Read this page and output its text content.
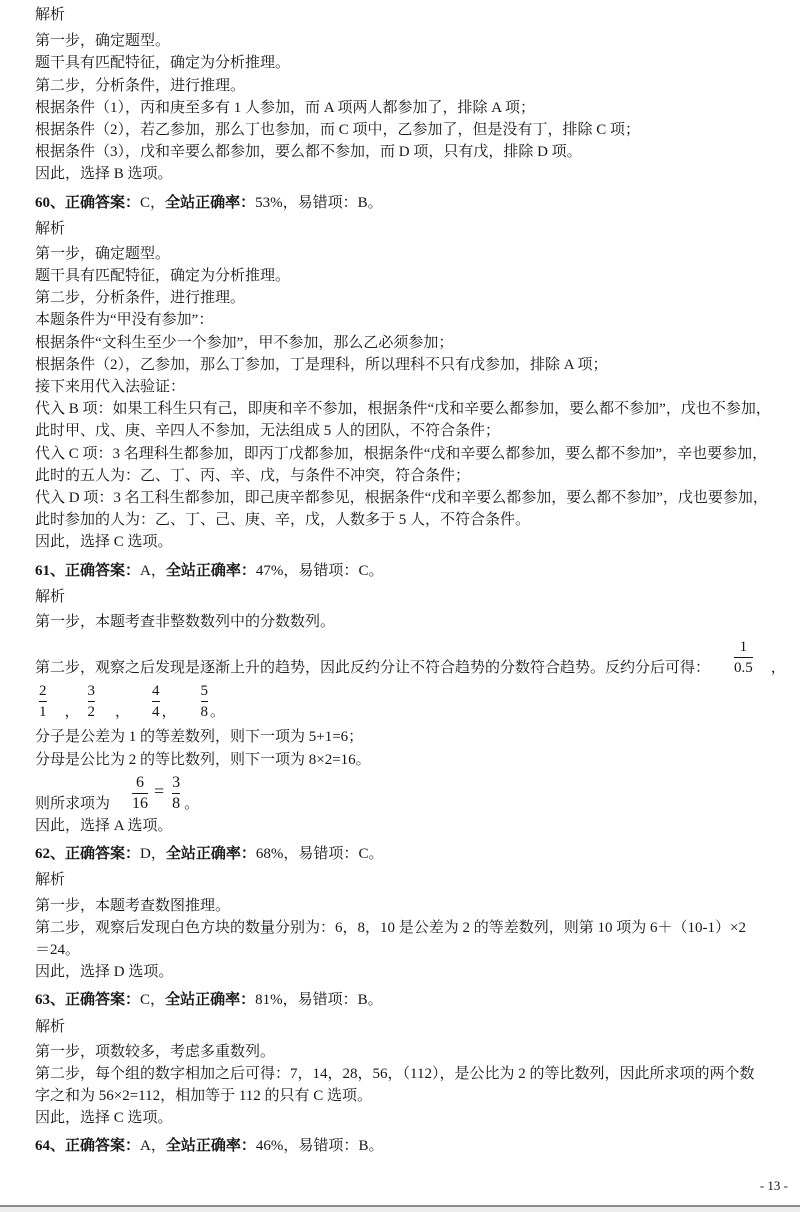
解析
第一步，确定题型。
题干具有匹配特征，确定为分析推理。
第二步，分析条件，进行推理。
根据条件（1），丙和庚至多有 1 人参加，而 A 项两人都参加了，排除 A 项；
根据条件（2），若乙参加，那么丁也参加，而 C 项中，乙参加了，但是没有丁，排除 C 项；
根据条件（3），戊和辛要么都参加，要么都不参加，而 D 项，只有戊，排除 D 项。
因此，选择 B 选项。
60、正确答案：C，全站正确率：53%，易错项：B。
解析
第一步，确定题型。
题干具有匹配特征，确定为分析推理。
第二步，分析条件，进行推理。
本题条件为“甲没有参加”：
根据条件“文科生至少一个参加”，甲不参加，那么乙必须参加；
根据条件（2），乙参加，那么丁参加，丁是理科，所以理科不只有戊参加，排除 A 项；
接下来用代入法验证：
代入 B 项：如果工科生只有己，即庚和辛不参加，根据条件“戊和辛要么都参加，要么都不参加”，戊也不参加，
此时甲、戊、庚、辛四人不参加，无法组成 5 人的团队，不符合条件；
代入 C 项：3 名理科生都参加，即丙丁戊都参加，根据条件“戊和辛要么都参加，要么都不参加”，辛也要参加，
此时的五人为：乙、丁、丙、辛、戊，与条件不冲突，符合条件；
代入 D 项：3 名工科生都参加，即己庚辛都参见，根据条件“戊和辛要么都参加，要么都不参加”，戊也要参加，
此时参加的人为：乙、丁、己、庚、辛，戊，人数多于 5 人，不符合条件。
因此，选择 C 选项。
61、正确答案：A，全站正确率：47%，易错项：C。
解析
第一步，本题考查非整数数列中的分数数列。
第二步，观察之后发现是逐渐上升的趋势，因此反约分让不符合趋势的分数符合趋势。反约分后可得： $\frac{1}{0.5}$ ，
$\frac{2}{1}$ ， $\frac{3}{2}$ ， $\frac{4}{4}$ ， $\frac{5}{8}$ 。
分子是公差为 1 的等差数列，则下一项为 5+1=6；
分母是公比为 2 的等比数列，则下一项为 8×2=16。
则所求项为 $\frac{6}{16} = \frac{3}{8}$ 。
因此，选择 A 选项。
62、正确答案：D，全站正确率：68%，易错项：C。
解析
第一步，本题考查数图推理。
第二步，观察后发现白色方块的数量分别为：6，8，10 是公差为 2 的等差数列，则第 10 项为 6＋（10-1）×2
＝24。
因此，选择 D 选项。
63、正确答案：C，全站正确率：81%，易错项：B。
解析
第一步，项数较多，考虑多重数列。
第二步，每个组的数字相加之后可得：7，14，28，56，（112），是公比为 2 的等比数列，因此所求项的两个数
字之和为 56×2=112，相加等于 112 的只有 C 选项。
因此，选择 C 选项。
64、正确答案：A，全站正确率：46%，易错项：B。
- 13 -
